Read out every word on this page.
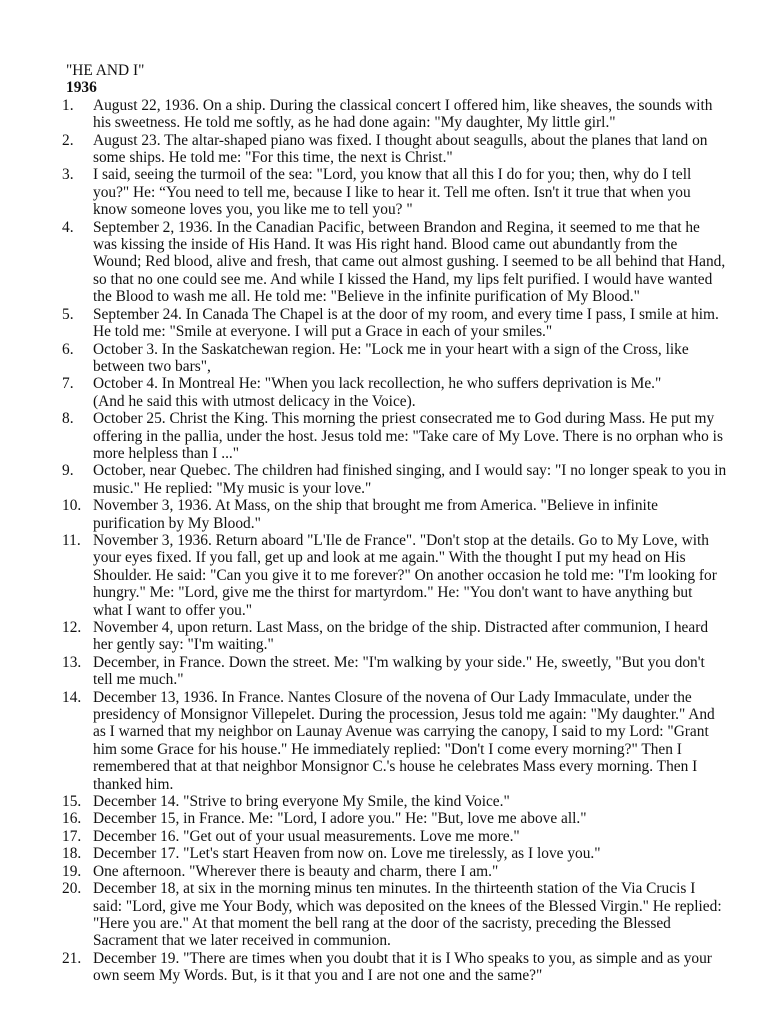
"HE AND I"

1936

1.	August 22, 1936. On a ship. During the classical concert I offered him, like sheaves, the sounds with
his sweetness. He told me softly, as he had done again: "My daughter, My little girl."
2.	August 23. The altar-shaped piano was fixed. I thought about seagulls, about the planes that land on
some ships. He told me: "For this time, the next is Christ."
3.	I said, seeing the turmoil of the sea: "Lord, you know that all this I do for you; then, why do I tell
you?" He: “You need to tell me, because I like to hear it. Tell me often. Isn't it true that when you
know someone loves you, you like me to tell you? "
4.	September 2, 1936. In the Canadian Pacific, between Brandon and Regina, it seemed to me that he
was kissing the inside of His Hand. It was His right hand. Blood came out abundantly from the
Wound; Red blood, alive and fresh, that came out almost gushing. I seemed to be all behind that Hand,
so that no one could see me. And while I kissed the Hand, my lips felt purified. I would have wanted
the Blood to wash me all. He told me: "Believe in the infinite purification of My Blood."
5.	September 24. In Canada The Chapel is at the door of my room, and every time I pass, I smile at him.
He told me: "Smile at everyone. I will put a Grace in each of your smiles."
6.	October 3. In the Saskatchewan region. He: "Lock me in your heart with a sign of the Cross, like
between two bars",
7.	October 4. In Montreal He: "When you lack recollection, he who suffers deprivation is Me."
(And he said this with utmost delicacy in the Voice).
8.	October 25. Christ the King. This morning the priest consecrated me to God during Mass. He put my
offering in the pallia, under the host. Jesus told me: "Take care of My Love. There is no orphan who is
more helpless than I ..."
9.	October, near Quebec. The children had finished singing, and I would say: "I no longer speak to you in
music." He replied: "My music is your love."
10. November 3, 1936. At Mass, on the ship that brought me from America. "Believe in infinite
purification by My Blood."
11. November 3, 1936. Return aboard "L'Ile de France". "Don't stop at the details. Go to My Love, with
your eyes fixed. If you fall, get up and look at me again." With the thought I put my head on His
Shoulder. He said: "Can you give it to me forever?" On another occasion he told me: "I'm looking for
hungry." Me: "Lord, give me the thirst for martyrdom." He: "You don't want to have anything but
what I want to offer you."
12. November 4, upon return. Last Mass, on the bridge of the ship. Distracted after communion, I heard
her gently say: "I'm waiting."
13. December, in France. Down the street. Me: "I'm walking by your side." He, sweetly, "But you don't
tell me much."
14. December 13, 1936. In France. Nantes Closure of the novena of Our Lady Immaculate, under the
presidency of Monsignor Villepelet. During the procession, Jesus told me again: "My daughter." And
as I warned that my neighbor on Launay Avenue was carrying the canopy, I said to my Lord: "Grant
him some Grace for his house." He immediately replied: "Don't I come every morning?" Then I
remembered that at that neighbor Monsignor C.'s house he celebrates Mass every morning. Then I
thanked him.
15. December 14. "Strive to bring everyone My Smile, the kind Voice."
16. December 15, in France. Me: "Lord, I adore you." He: "But, love me above all."
17. December 16. "Get out of your usual measurements. Love me more."
18. December 17. "Let's start Heaven from now on. Love me tirelessly, as I love you."
19. One afternoon. "Wherever there is beauty and charm, there I am."
20. December 18, at six in the morning minus ten minutes. In the thirteenth station of the Via Crucis I
said: "Lord, give me Your Body, which was deposited on the knees of the Blessed Virgin." He replied:
"Here you are." At that moment the bell rang at the door of the sacristy, preceding the Blessed
Sacrament that we later received in communion.
21. December 19. "There are times when you doubt that it is I Who speaks to you, as simple and as your
own seem My Words. But, is it that you and I are not one and the same?"
